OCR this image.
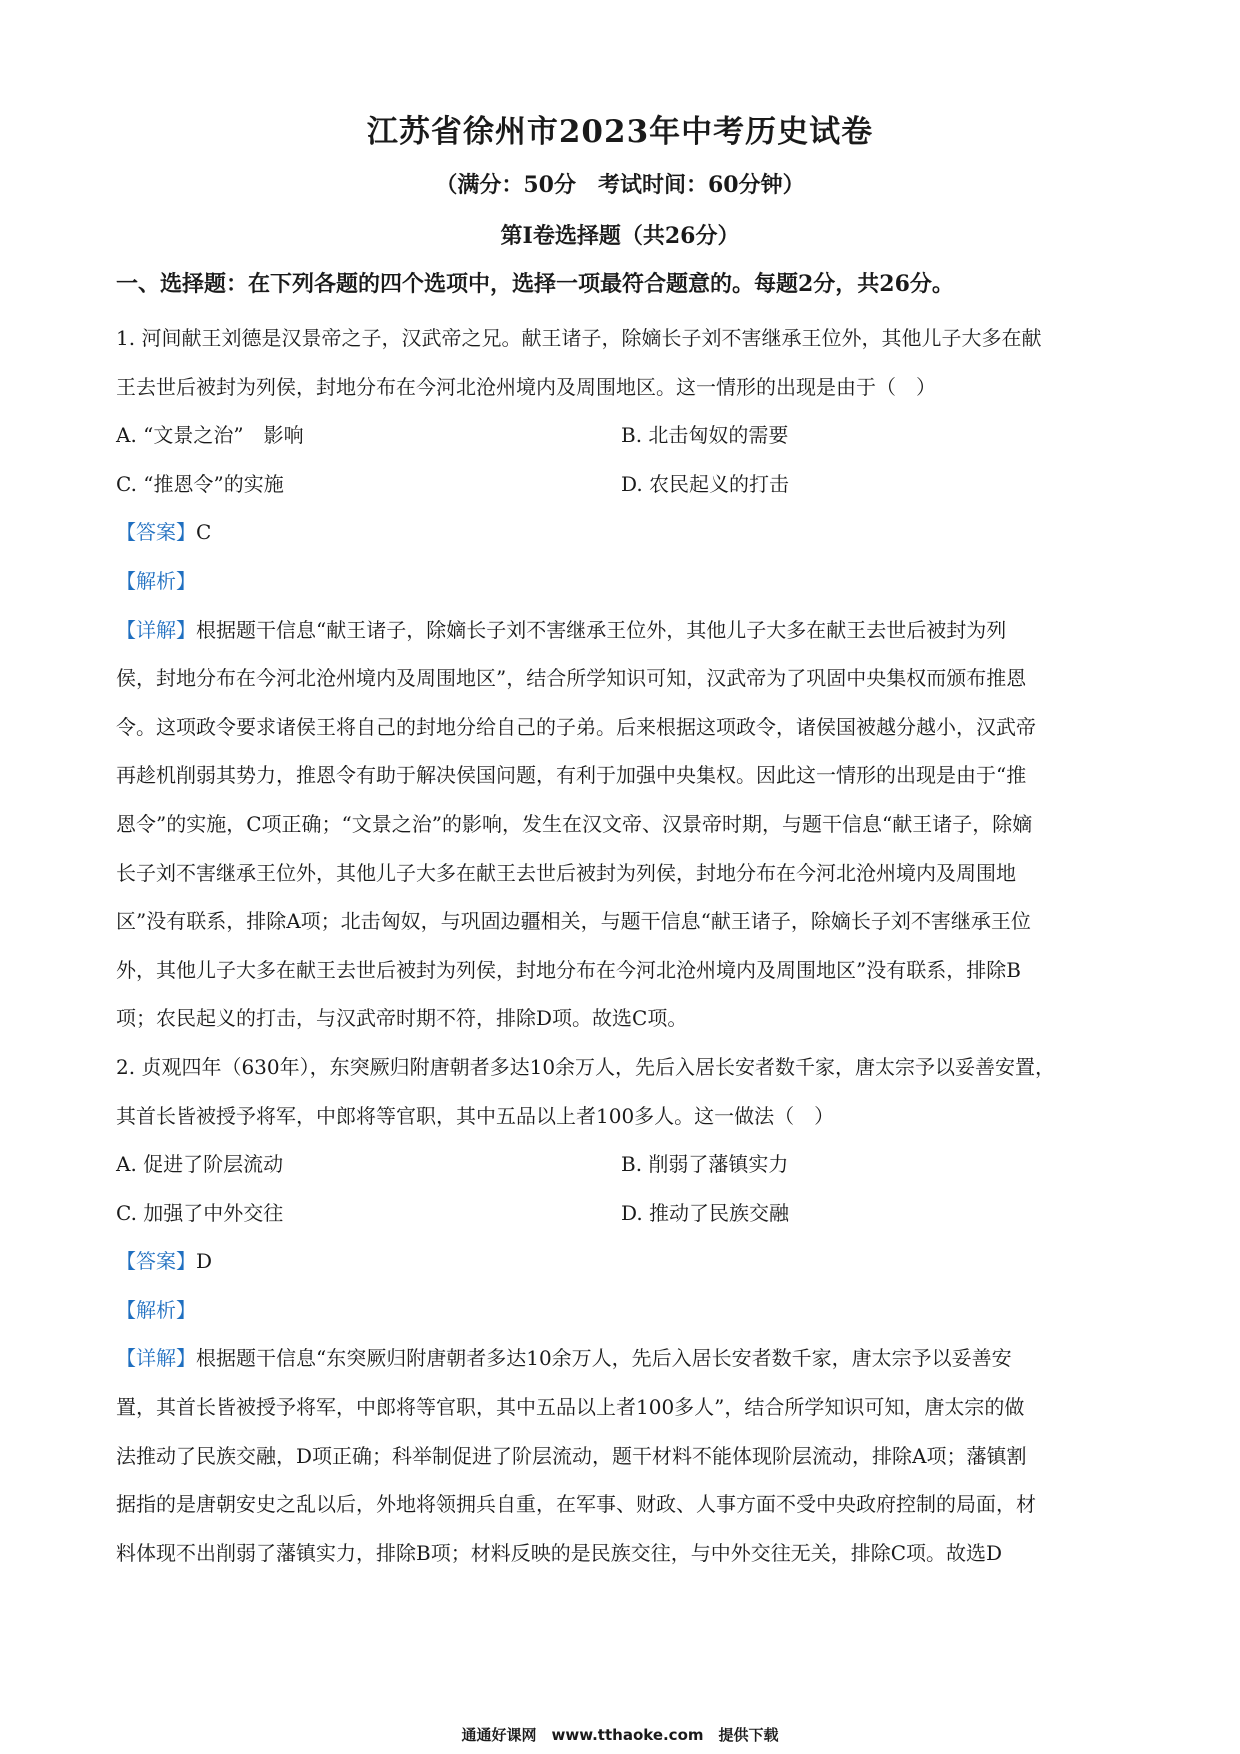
江苏省徐州市2023年中考历史试卷
（满分：50分　考试时间：60分钟）
第Ⅰ卷选择题（共26分）
一、选择题：在下列各题的四个选项中，选择一项最符合题意的。每题2分，共26分。
1. 河间献王刘德是汉景帝之子，汉武帝之兄。献王诸子，除嫡长子刘不害继承王位外，其他儿子大多在献
王去世后被封为列侯，封地分布在今河北沧州境内及周围地区。这一情形的出现是由于（　）
A. “文景之治”　影响	B. 北击匈奴的需要
C. “推恩令”的实施	D. 农民起义的打击
【答案】C
【解析】
【详解】根据题干信息“献王诸子，除嫡长子刘不害继承王位外，其他儿子大多在献王去世后被封为列
侯，封地分布在今河北沧州境内及周围地区”，结合所学知识可知，汉武帝为了巩固中央集权而颁布推恩
令。这项政令要求诸侯王将自己的封地分给自己的子弟。后来根据这项政令，诸侯国被越分越小，汉武帝
再趁机削弱其势力，推恩令有助于解决侯国问题，有利于加强中央集权。因此这一情形的出现是由于“推
恩令”的实施，C项正确；“文景之治”的影响，发生在汉文帝、汉景帝时期，与题干信息“献王诸子，除嫡
长子刘不害继承王位外，其他儿子大多在献王去世后被封为列侯，封地分布在今河北沧州境内及周围地
区”没有联系，排除A项；北击匈奴，与巩固边疆相关，与题干信息“献王诸子，除嫡长子刘不害继承王位
外，其他儿子大多在献王去世后被封为列侯，封地分布在今河北沧州境内及周围地区”没有联系，排除B
项；农民起义的打击，与汉武帝时期不符，排除D项。故选C项。
2. 贞观四年（630年），东突厥归附唐朝者多达10余万人，先后入居长安者数千家，唐太宗予以妥善安置，
其首长皆被授予将军，中郎将等官职，其中五品以上者100多人。这一做法（　）
A. 促进了阶层流动	B. 削弱了藩镇实力
C. 加强了中外交往	D. 推动了民族交融
【答案】D
【解析】
【详解】根据题干信息“东突厥归附唐朝者多达10余万人，先后入居长安者数千家，唐太宗予以妥善安
置，其首长皆被授予将军，中郎将等官职，其中五品以上者100多人”，结合所学知识可知，唐太宗的做
法推动了民族交融，D项正确；科举制促进了阶层流动，题干材料不能体现阶层流动，排除A项；藩镇割
据指的是唐朝安史之乱以后，外地将领拥兵自重，在军事、财政、人事方面不受中央政府控制的局面，材
料体现不出削弱了藩镇实力，排除B项；材料反映的是民族交往，与中外交往无关，排除C项。故选D
通通好课网　www.tthaoke.com　提供下载
